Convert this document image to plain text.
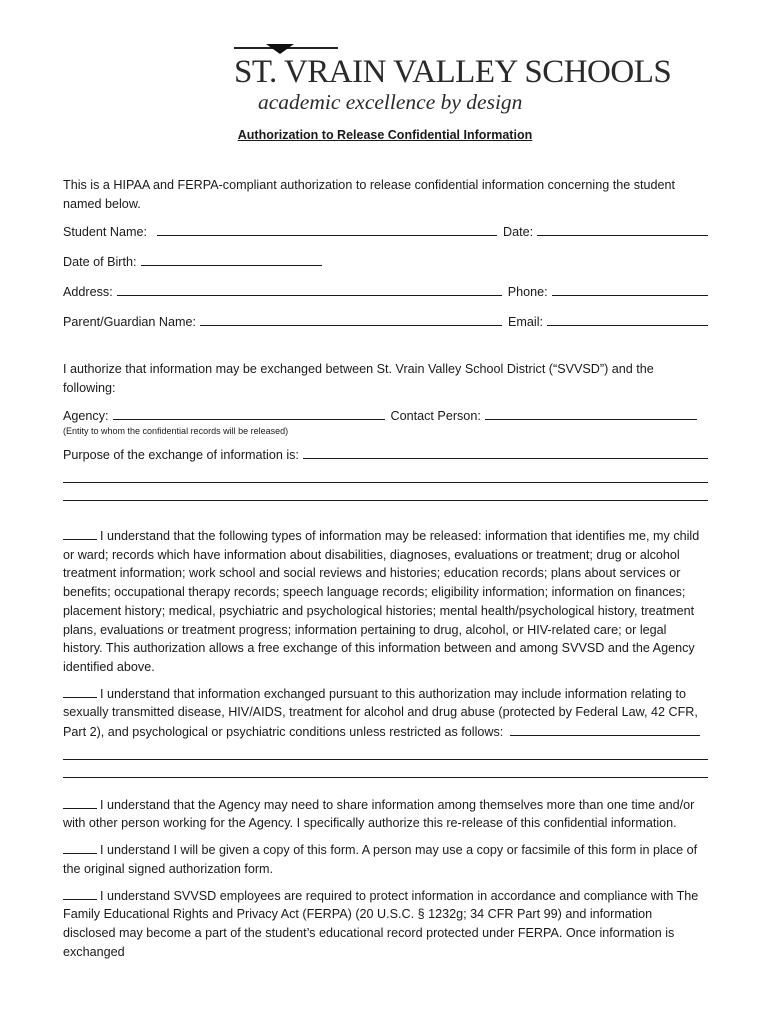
ST. VRAIN VALLEY SCHOOLS
academic excellence by design
Authorization to Release Confidential Information

This is a HIPAA and FERPA-compliant authorization to release confidential information concerning the student named below.

Student Name:	Date:
Date of Birth:
Address:	Phone:
Parent/Guardian Name:	Email:

I authorize that information may be exchanged between St. Vrain Valley School District (“SVVSD”) and the following:

Agency:	Contact Person:
(Entity to whom the confidential records will be released)
Purpose of the exchange of information is:

I understand that the following types of information may be released: information that identifies me, my child or ward; records which have information about disabilities, diagnoses, evaluations or treatment; drug or alcohol treatment information; work school and social reviews and histories; education records; plans about services or benefits; occupational therapy records; speech language records; eligibility information; information on finances; placement history; medical, psychiatric and psychological histories; mental health/psychological history, treatment plans, evaluations or treatment progress; information pertaining to drug, alcohol, or HIV-related care; or legal history. This authorization allows a free exchange of this information between and among SVVSD and the Agency identified above.

I understand that information exchanged pursuant to this authorization may include information relating to sexually transmitted disease, HIV/AIDS, treatment for alcohol and drug abuse (protected by Federal Law, 42 CFR, Part 2), and psychological or psychiatric conditions unless restricted as follows:

I understand that the Agency may need to share information among themselves more than one time and/or with other person working for the Agency. I specifically authorize this re-release of this confidential information.

I understand I will be given a copy of this form. A person may use a copy or facsimile of this form in place of the original signed authorization form.

I understand SVVSD employees are required to protect information in accordance and compliance with The Family Educational Rights and Privacy Act (FERPA) (20 U.S.C. § 1232g; 34 CFR Part 99) and information disclosed may become a part of the student’s educational record protected under FERPA. Once information is exchanged
